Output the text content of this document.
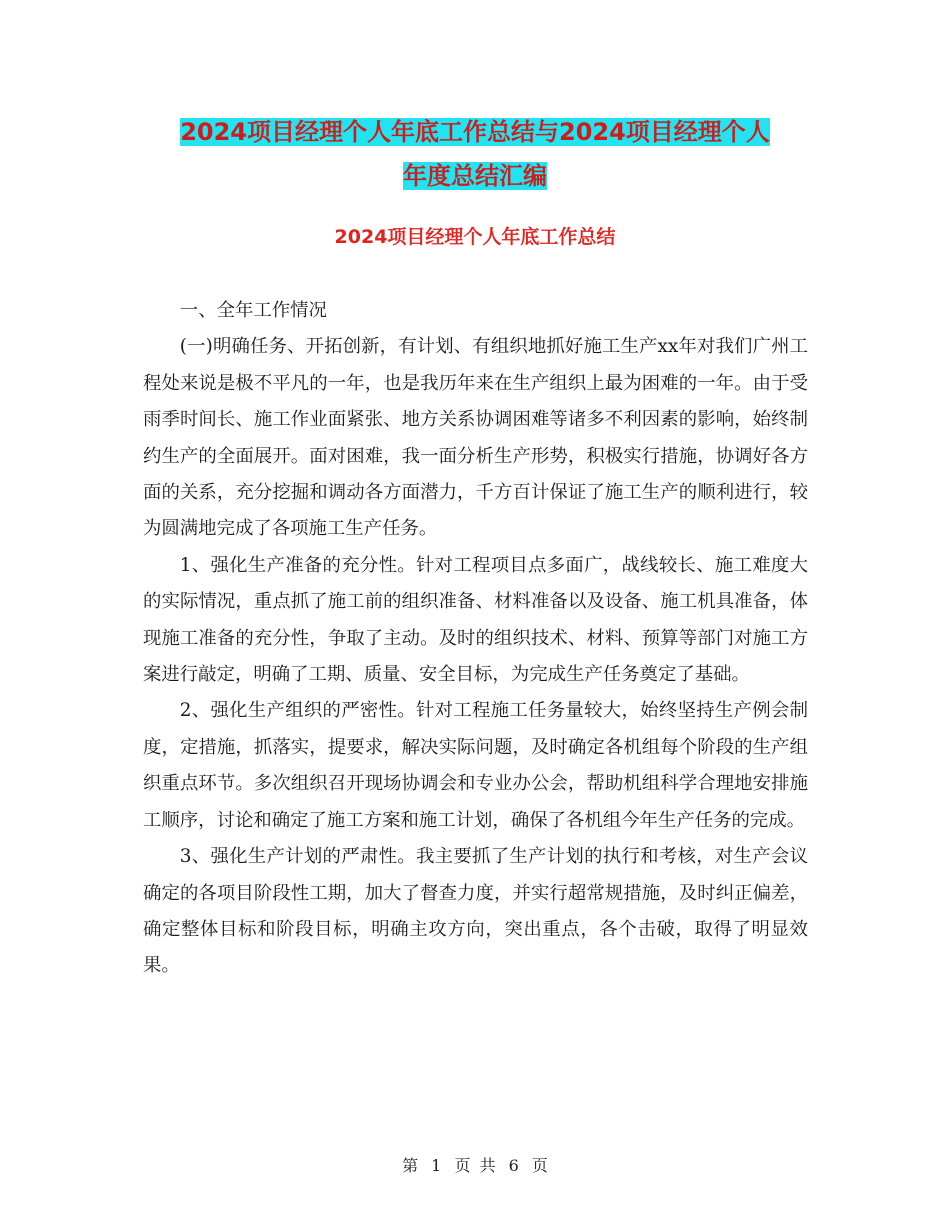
2024项目经理个人年底工作总结与2024项目经理个人
年度总结汇编
2024项目经理个人年底工作总结

一、全年工作情况

(一)明确任务、开拓创新，有计划、有组织地抓好施工生产xx年对我们广州工程处来说是极不平凡的一年，也是我历年来在生产组织上最为困难的一年。由于受雨季时间长、施工作业面紧张、地方关系协调困难等诸多不利因素的影响，始终制约生产的全面展开。面对困难，我一面分析生产形势，积极实行措施，协调好各方面的关系，充分挖掘和调动各方面潜力，千方百计保证了施工生产的顺利进行，较为圆满地完成了各项施工生产任务。

1、强化生产准备的充分性。针对工程项目点多面广，战线较长、施工难度大的实际情况，重点抓了施工前的组织准备、材料准备以及设备、施工机具准备，体现施工准备的充分性，争取了主动。及时的组织技术、材料、预算等部门对施工方案进行敲定，明确了工期、质量、安全目标，为完成生产任务奠定了基础。

2、强化生产组织的严密性。针对工程施工任务量较大，始终坚持生产例会制度，定措施，抓落实，提要求，解决实际问题，及时确定各机组每个阶段的生产组织重点环节。多次组织召开现场协调会和专业办公会，帮助机组科学合理地安排施工顺序，讨论和确定了施工方案和施工计划，确保了各机组今年生产任务的完成。

3、强化生产计划的严肃性。我主要抓了生产计划的执行和考核，对生产会议确定的各项目阶段性工期，加大了督查力度，并实行超常规措施，及时纠正偏差，确定整体目标和阶段目标，明确主攻方向，突出重点，各个击破，取得了明显效果。

第 1 页 共 6 页
